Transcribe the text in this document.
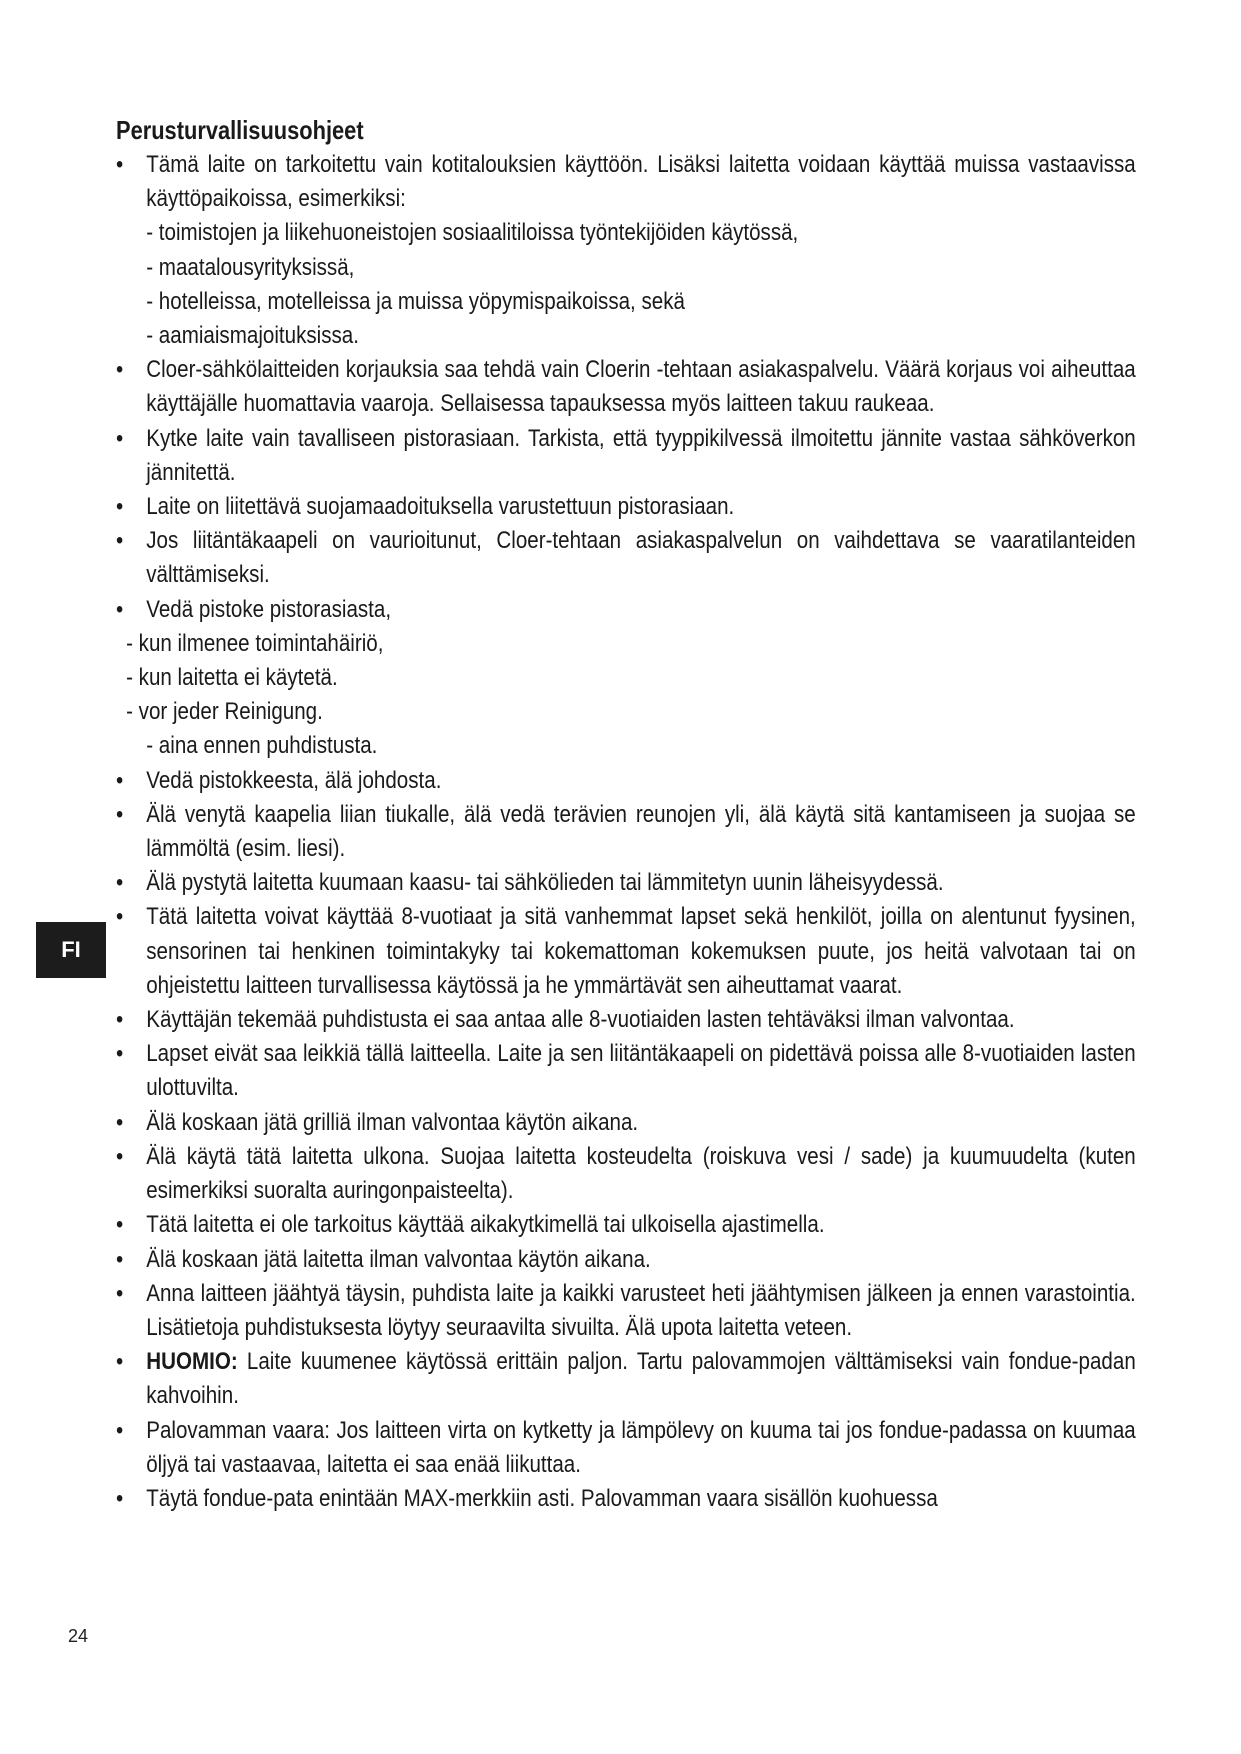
Perusturvallisuusohjeet
• Tämä laite on tarkoitettu vain kotitalouksien käyttöön. Lisäksi laitetta voidaan käyttää muissa vastaavissa käyttöpaikoissa, esimerkiksi:
- toimistojen ja liikehuoneistojen sosiaalitiloissa työntekijöiden käytössä,
- maatalousyrityksissä,
- hotelleissa, motelleissa ja muissa yöpymispaikoissa, sekä
- aamiaismajoituksissa.
• Cloer-sähkölaitteiden korjauksia saa tehdä vain Cloerin -tehtaan asiakaspalvelu. Väärä korjaus voi aiheuttaa käyttäjälle huomattavia vaaroja. Sellaisessa tapauksessa myös laitteen takuu raukeaa.
• Kytke laite vain tavalliseen pistorasiaan. Tarkista, että tyyppikilvessä ilmoitettu jännite vastaa sähköverkon jännitettä.
• Laite on liitettävä suojamaadoituksella varustettuun pistorasiaan.
• Jos liitäntäkaapeli on vaurioitunut, Cloer-tehtaan asiakaspalvelun on vaihdettava se vaaratilanteiden välttämiseksi.
• Vedä pistoke pistorasiasta,
- kun ilmenee toimintahäiriö,
- kun laitetta ei käytetä.
- vor jeder Reinigung.
- aina ennen puhdistusta.
• Vedä pistokkeesta, älä johdosta.
• Älä venytä kaapelia liian tiukalle, älä vedä terävien reunojen yli, älä käytä sitä kantamiseen ja suojaa se lämmöltä (esim. liesi).
• Älä pystytä laitetta kuumaan kaasu- tai sähkölieden tai lämmitetyn uunin läheisyydessä.
• Tätä laitetta voivat käyttää 8-vuotiaat ja sitä vanhemmat lapset sekä henkilöt, joilla on alentunut fyysinen, sensorinen tai henkinen toimintakyky tai kokemattoman kokemuksen puute, jos heitä valvotaan tai on ohjeistettu laitteen turvallisessa käytössä ja he ymmärtävät sen aiheuttamat vaarat.
• Käyttäjän tekemää puhdistusta ei saa antaa alle 8-vuotiaiden lasten tehtäväksi ilman valvontaa.
• Lapset eivät saa leikkiä tällä laitteella. Laite ja sen liitäntäkaapeli on pidettävä poissa alle 8-vuotiaiden lasten ulottuvilta.
• Älä koskaan jätä grilliä ilman valvontaa käytön aikana.
• Älä käytä tätä laitetta ulkona. Suojaa laitetta kosteudelta (roiskuva vesi / sade) ja kuumuudelta (kuten esimerkiksi suoralta auringonpaisteelta).
• Tätä laitetta ei ole tarkoitus käyttää aikakytkimellä tai ulkoisella ajastimella.
• Älä koskaan jätä laitetta ilman valvontaa käytön aikana.
• Anna laitteen jäähtyä täysin, puhdista laite ja kaikki varusteet heti jäähtymisen jälkeen ja ennen varastointia. Lisätietoja puhdistuksesta löytyy seuraavilta sivuilta. Älä upota laitetta veteen.
• HUOMIO: Laite kuumenee käytössä erittäin paljon. Tartu palovammojen välttämiseksi vain fondue-padan kahvoihin.
• Palovamman vaara: Jos laitteen virta on kytketty ja lämpölevy on kuuma tai jos fondue-padassa on kuumaa öljyä tai vastaavaa, laitetta ei saa enää liikuttaa.
• Täytä fondue-pata enintään MAX-merkkiin asti. Palovamman vaara sisällön kuohuessa
FI
24
